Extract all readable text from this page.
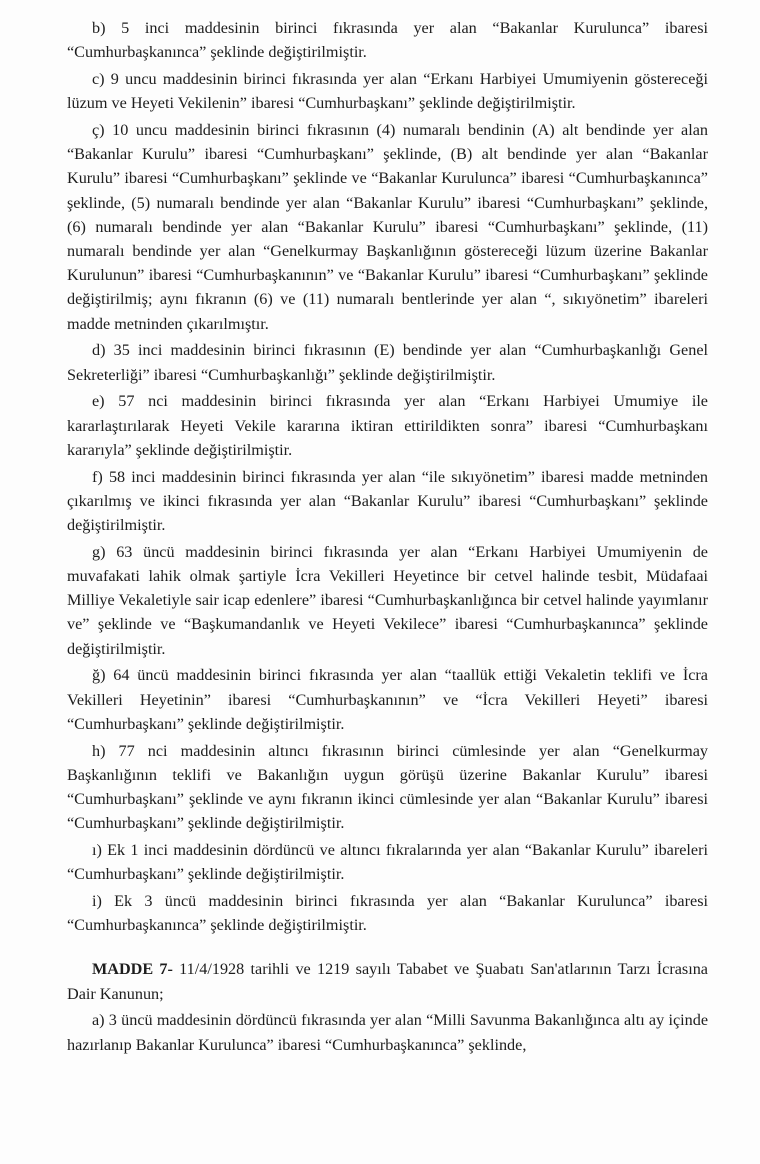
b) 5 inci maddesinin birinci fıkrasında yer alan “Bakanlar Kurulunca” ibaresi “Cumhurbaşkanınca” şeklinde değiştirilmiştir.

c) 9 uncu maddesinin birinci fıkrasında yer alan “Erkanı Harbiyei Umumiyenin göstereceği lüzum ve Heyeti Vekilenin” ibaresi “Cumhurbaşkanı” şeklinde değiştirilmiştir.

ç) 10 uncu maddesinin birinci fıkrasının (4) numaralı bendinin (A) alt bendinde yer alan “Bakanlar Kurulu” ibaresi “Cumhurbaşkanı” şeklinde, (B) alt bendinde yer alan “Bakanlar Kurulu” ibaresi “Cumhurbaşkanı” şeklinde ve “Bakanlar Kurulunca” ibaresi “Cumhurbaşkanınca” şeklinde, (5) numaralı bendinde yer alan “Bakanlar Kurulu” ibaresi “Cumhurbaşkanı” şeklinde, (6) numaralı bendinde yer alan “Bakanlar Kurulu” ibaresi “Cumhurbaşkanı” şeklinde, (11) numaralı bendinde yer alan “Genelkurmay Başkanlığının göstereceği lüzum üzerine Bakanlar Kurulunun” ibaresi “Cumhurbaşkanının” ve “Bakanlar Kurulu” ibaresi “Cumhurbaşkanı” şeklinde değiştirilmiş; aynı fıkranın (6) ve (11) numaralı bentlerinde yer alan “, sıkıyönetim” ibareleri madde metninden çıkarılmıştır.

d) 35 inci maddesinin birinci fıkrasının (E) bendinde yer alan “Cumhurbaşkanlığı Genel Sekreterliği” ibaresi “Cumhurbaşkanlığı” şeklinde değiştirilmiştir.

e) 57 nci maddesinin birinci fıkrasında yer alan “Erkanı Harbiyei Umumiye ile kararlaştırılarak Heyeti Vekile kararına iktiran ettirildikten sonra” ibaresi “Cumhurbaşkanı kararıyla” şeklinde değiştirilmiştir.

f) 58 inci maddesinin birinci fıkrasında yer alan “ile sıkıyönetim” ibaresi madde metninden çıkarılmış ve ikinci fıkrasında yer alan “Bakanlar Kurulu” ibaresi “Cumhurbaşkanı” şeklinde değiştirilmiştir.

g) 63 üncü maddesinin birinci fıkrasında yer alan “Erkanı Harbiyei Umumiyenin de muvafakati lahik olmak şartiyle İcra Vekilleri Heyetince bir cetvel halinde tesbit, Müdafaai Milliye Vekaletiyle sair icap edenlere” ibaresi “Cumhurbaşkanlığınca bir cetvel halinde yayımlanır ve” şeklinde ve “Başkumandanlık ve Heyeti Vekilece” ibaresi “Cumhurbaşkanınca” şeklinde değiştirilmiştir.

ğ) 64 üncü maddesinin birinci fıkrasında yer alan “taallük ettiği Vekaletin teklifi ve İcra Vekilleri Heyetinin” ibaresi “Cumhurbaşkanının” ve “İcra Vekilleri Heyeti” ibaresi “Cumhurbaşkanı” şeklinde değiştirilmiştir.

h) 77 nci maddesinin altıncı fıkrasının birinci cümlesinde yer alan “Genelkurmay Başkanlığının teklifi ve Bakanlığın uygun görüşü üzerine Bakanlar Kurulu” ibaresi “Cumhurbaşkanı” şeklinde ve aynı fıkranın ikinci cümlesinde yer alan “Bakanlar Kurulu” ibaresi “Cumhurbaşkanı” şeklinde değiştirilmiştir.

ı) Ek 1 inci maddesinin dördüncü ve altıncı fıkralarında yer alan “Bakanlar Kurulu” ibareleri “Cumhurbaşkanı” şeklinde değiştirilmiştir.

i) Ek 3 üncü maddesinin birinci fıkrasında yer alan “Bakanlar Kurulunca” ibaresi “Cumhurbaşkanınca” şeklinde değiştirilmiştir.

MADDE 7- 11/4/1928 tarihli ve 1219 sayılı Tababet ve Şuabatı San'atlarının Tarzı İcrasına Dair Kanunun;

a) 3 üncü maddesinin dördüncü fıkrasında yer alan “Milli Savunma Bakanlığınca altı ay içinde hazırlanıp Bakanlar Kurulunca” ibaresi “Cumhurbaşkanınca” şeklinde,
